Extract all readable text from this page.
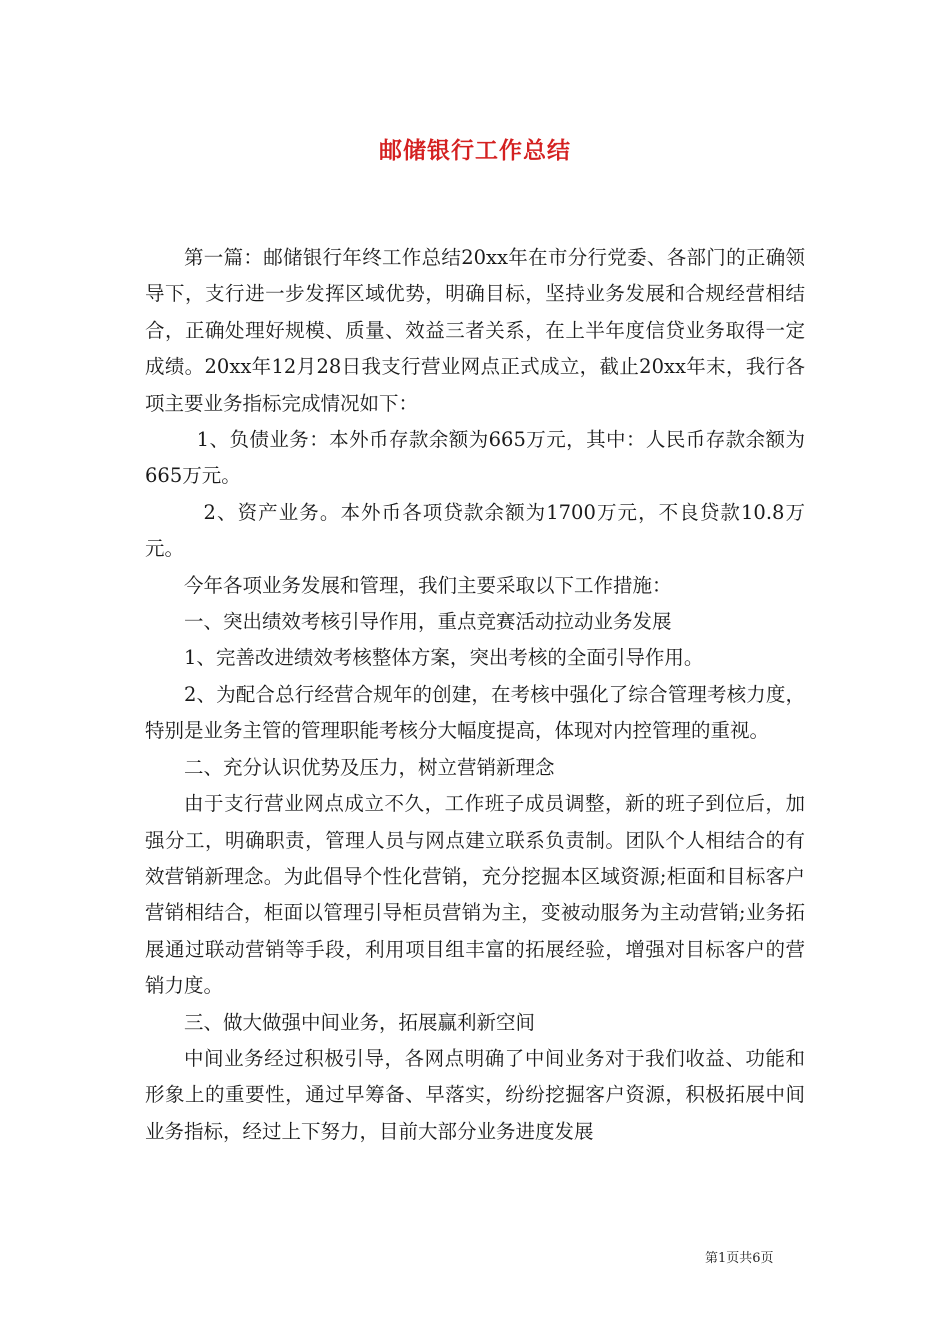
邮储银行工作总结

第一篇：邮储银行年终工作总结20xx年在市分行党委、各部门的正确领导下，支行进一步发挥区域优势，明确目标，坚持业务发展和合规经营相结合，正确处理好规模、质量、效益三者关系，在上半年度信贷业务取得一定成绩。20xx年12月28日我支行营业网点正式成立，截止20xx年末，我行各项主要业务指标完成情况如下：

1、负债业务：本外币存款余额为665万元，其中：人民币存款余额为665万元。

2、资产业务。本外币各项贷款余额为1700万元，不良贷款10.8万元。

今年各项业务发展和管理，我们主要采取以下工作措施：

一、突出绩效考核引导作用，重点竞赛活动拉动业务发展

1、完善改进绩效考核整体方案，突出考核的全面引导作用。

2、为配合总行经营合规年的创建，在考核中强化了综合管理考核力度，特别是业务主管的管理职能考核分大幅度提高，体现对内控管理的重视。

二、充分认识优势及压力，树立营销新理念

由于支行营业网点成立不久，工作班子成员调整，新的班子到位后，加强分工，明确职责，管理人员与网点建立联系负责制。团队个人相结合的有效营销新理念。为此倡导个性化营销，充分挖掘本区域资源;柜面和目标客户营销相结合，柜面以管理引导柜员营销为主，变被动服务为主动营销;业务拓展通过联动营销等手段，利用项目组丰富的拓展经验，增强对目标客户的营销力度。

三、做大做强中间业务，拓展赢利新空间

中间业务经过积极引导，各网点明确了中间业务对于我们收益、功能和形象上的重要性，通过早筹备、早落实，纷纷挖掘客户资源，积极拓展中间业务指标，经过上下努力，目前大部分业务进度发展

第1页共6页
